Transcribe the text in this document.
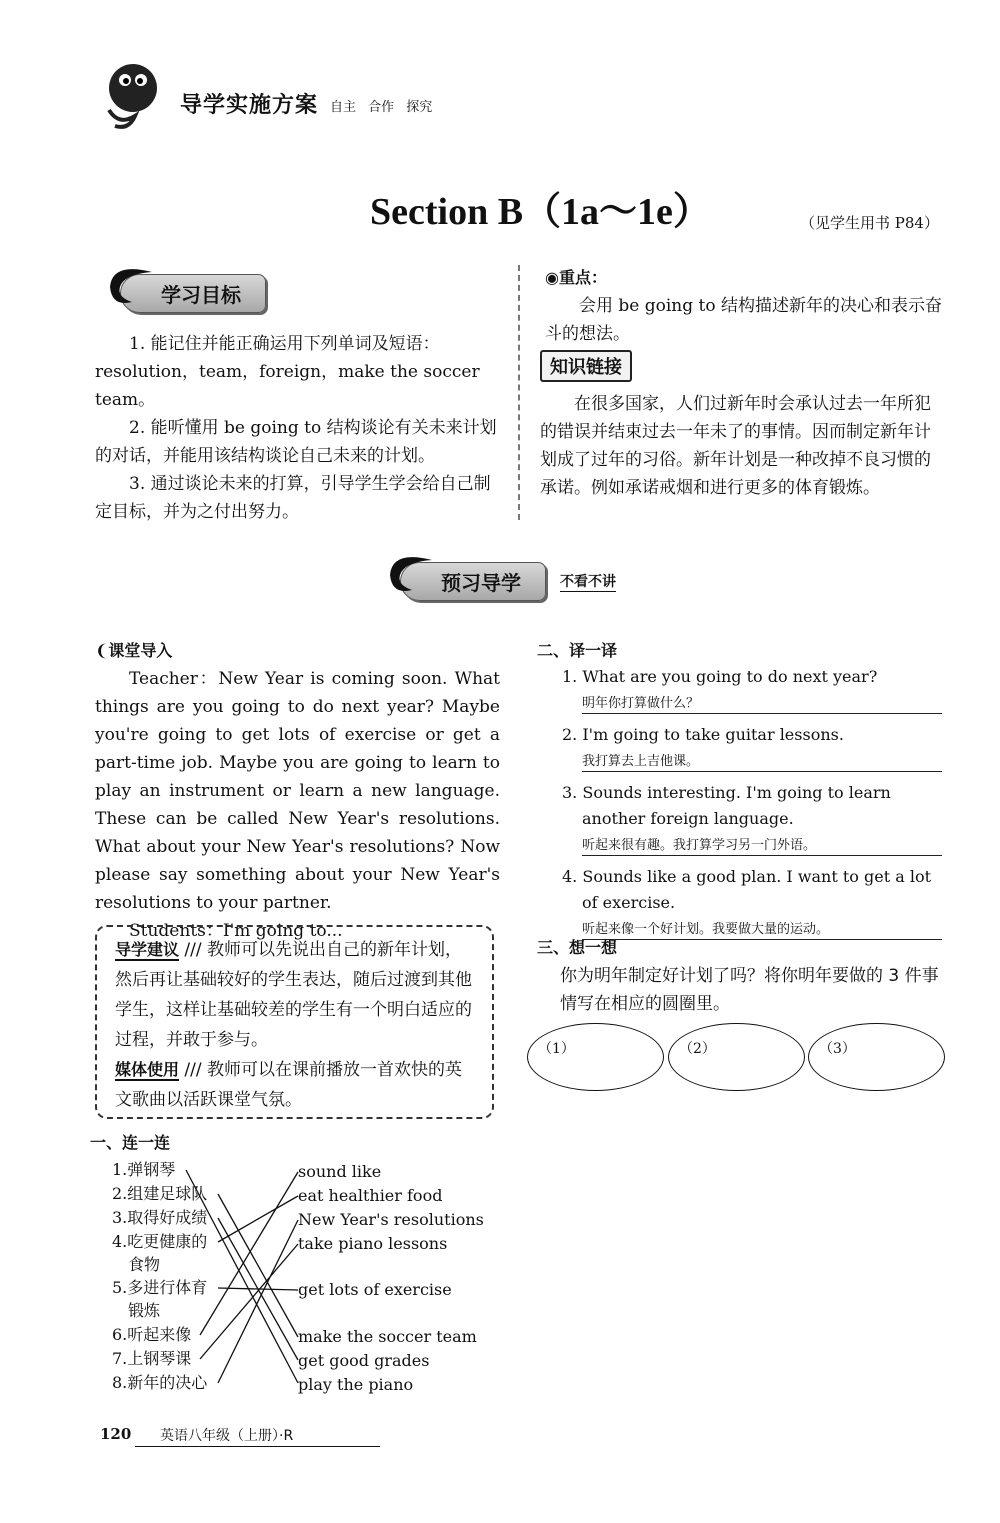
导学实施方案 自主 合作 探究
Section B（1a～1e）	（见学生用书 P84）
学习目标

1. 能记住并能正确运用下列单词及短语：resolution，team，foreign，make the soccer team。

2. 能听懂用 be going to 结构谈论有关未来计划的对话，并能用该结构谈论自己未来的计划。

3. 通过谈论未来的打算，引导学生学会给自己制定目标，并为之付出努力。

◉重点：
会用 be going to 结构描述新年的决心和表示奋斗的想法。
知识链接
在很多国家，人们过新年时会承认过去一年所犯的错误并结束过去一年未了的事情。因而制定新年计划成了过年的习俗。新年计划是一种改掉不良习惯的承诺。例如承诺戒烟和进行更多的体育锻炼。
预习导学	不看不讲
❨课堂导入

Teacher：New Year is coming soon. What things are you going to do next year? Maybe you're going to get lots of exercise or get a part-time job. Maybe you are going to learn to play an instrument or learn a new language. These can be called New Year's resolutions. What about your New Year's resolutions? Now please say something about your New Year's resolutions to your partner.

Students：I'm going to...

导学建议 /// 教师可以先说出自己的新年计划，然后再让基础较好的学生表达，随后过渡到其他学生，这样让基础较差的学生有一个明白适应的过程，并敢于参与。
媒体使用 /// 教师可以在课前播放一首欢快的英文歌曲以活跃课堂气氛。
一、连一连
1.弹钢琴
2.组建足球队
3.取得好成绩
4.吃更健康的
食物
5.多进行体育
锻炼
6.听起来像
7.上钢琴课
8.新年的决心
sound like
eat healthier food
New Year's resolutions
take piano lessons
get lots of exercise
make the soccer team
get good grades
play the piano
二、译一译
1. What are you going to do next year?
明年你打算做什么？
2. I'm going to take guitar lessons.
我打算去上吉他课。
3. Sounds interesting. I'm going to learn another foreign language.
听起来很有趣。我打算学习另一门外语。
4. Sounds like a good plan. I want to get a lot of exercise.
听起来像一个好计划。我要做大量的运动。
三、想一想
你为明年制定好计划了吗？将你明年要做的 3 件事情写在相应的圆圈里。
（1）	（2）	（3）
120 英语八年级（上册）·R
